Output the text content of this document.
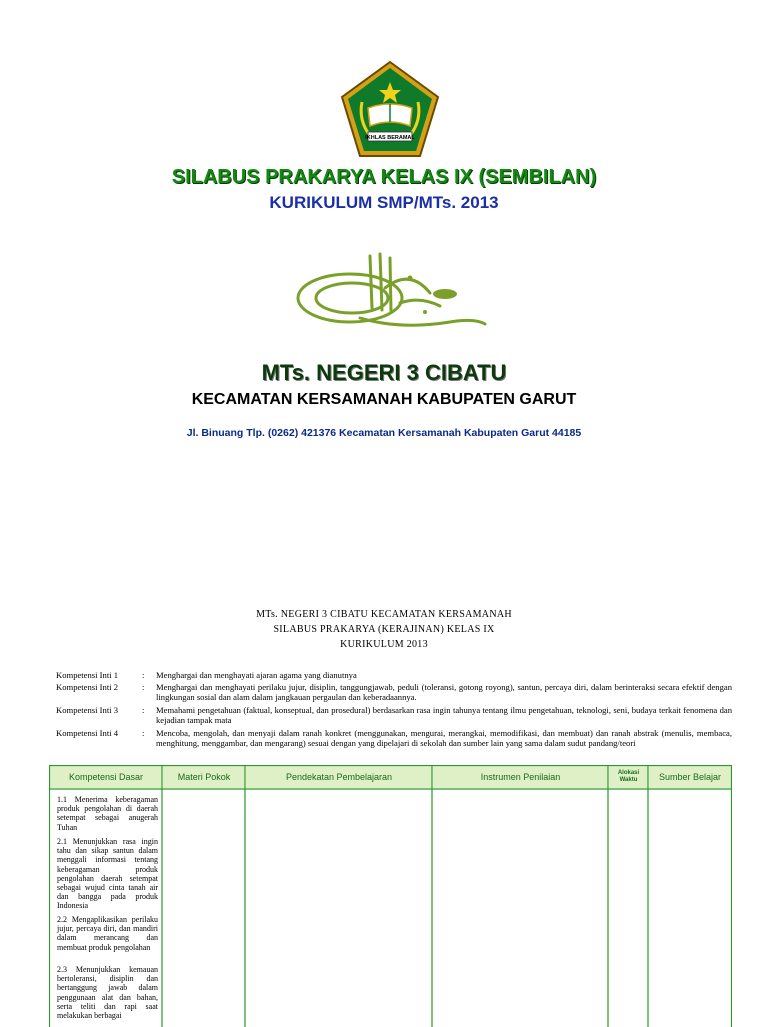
IKHLAS BERAMAL
SILABUS PRAKARYA KELAS IX (SEMBILAN)
KURIKULUM SMP/MTs. 2013
MTs. NEGERI 3 CIBATU
KECAMATAN KERSAMANAH KABUPATEN GARUT
Jl. Binuang Tlp. (0262) 421376 Kecamatan Kersamanah Kabupaten Garut 44185
MTs. NEGERI 3 CIBATU KECAMATAN KERSAMANAH
SILABUS PRAKARYA (KERAJINAN) KELAS IX
KURIKULUM 2013
Kompetensi Inti 1	:	Menghargai dan menghayati ajaran agama yang dianutnya
Kompetensi Inti 2	:	Menghargai dan menghayati perilaku jujur, disiplin, tanggungjawab, peduli (toleransi, gotong royong), santun, percaya diri, dalam berinteraksi secara efektif dengan lingkungan sosial dan alam dalam jangkauan pergaulan dan keberadaannya.
Kompetensi Inti 3	:	Memahami pengetahuan (faktual, konseptual, dan prosedural) berdasarkan rasa ingin tahunya tentang ilmu pengetahuan, teknologi, seni, budaya terkait fenomena dan kejadian tampak mata
Kompetensi Inti 4	:	Mencoba, mengolah, dan menyaji dalam ranah konkret (menggunakan, mengurai, merangkai, memodifikasi, dan membuat) dan ranah abstrak (menulis, membaca, menghitung, menggambar, dan mengarang) sesuai dengan yang dipelajari di sekolah dan sumber lain yang sama dalam sudut pandang/teori
Kompetensi Dasar	Materi Pokok	Pendekatan Pembelajaran	Instrumen Penilaian	Alokasi Waktu	Sumber Belajar
1.1 Menerima keberagaman produk pengolahan di daerah setempat sebagai anugerah Tuhan
2.1 Menunjukkan rasa ingin tahu dan sikap santun dalam menggali informasi tentang keberagaman produk pengolahan daerah setempat sebagai wujud cinta tanah air dan bangga pada produk Indonesia
2.2 Mengaplikasikan perilaku jujur, percaya diri, dan mandiri dalam merancang dan membuat produk pengolahan
2.3 Menunjukkan kemauan bertoleransi, disiplin dan bertanggung jawab dalam penggunaan alat dan bahan, serta teliti dan rapi saat melakukan berbagai
